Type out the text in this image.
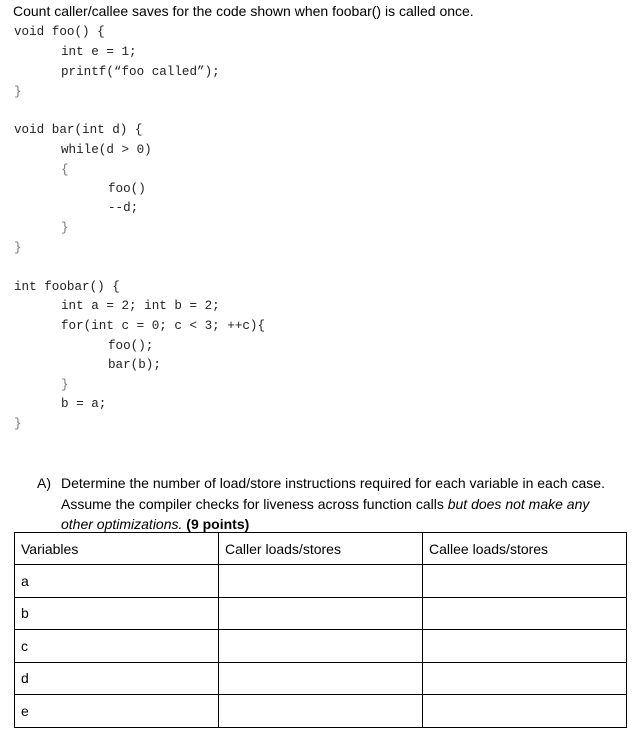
Count caller/callee saves for the code shown when foobar() is called once.
void foo() {
int e = 1;
printf(“foo called”);
}
void bar(int d) {
while(d > 0)
{
foo()
--d;
}
}
int foobar() {
int a = 2; int b = 2;
for(int c = 0; c < 3; ++c){
foo();
bar(b);
}
b = a;
}
A) Determine the number of load/store instructions required for each variable in each case.
Assume the compiler checks for liveness across function calls but does not make any
other optimizations. (9 points)
Variables	Caller loads/stores	Callee loads/stores
a		
b		
c		
d		
e		
